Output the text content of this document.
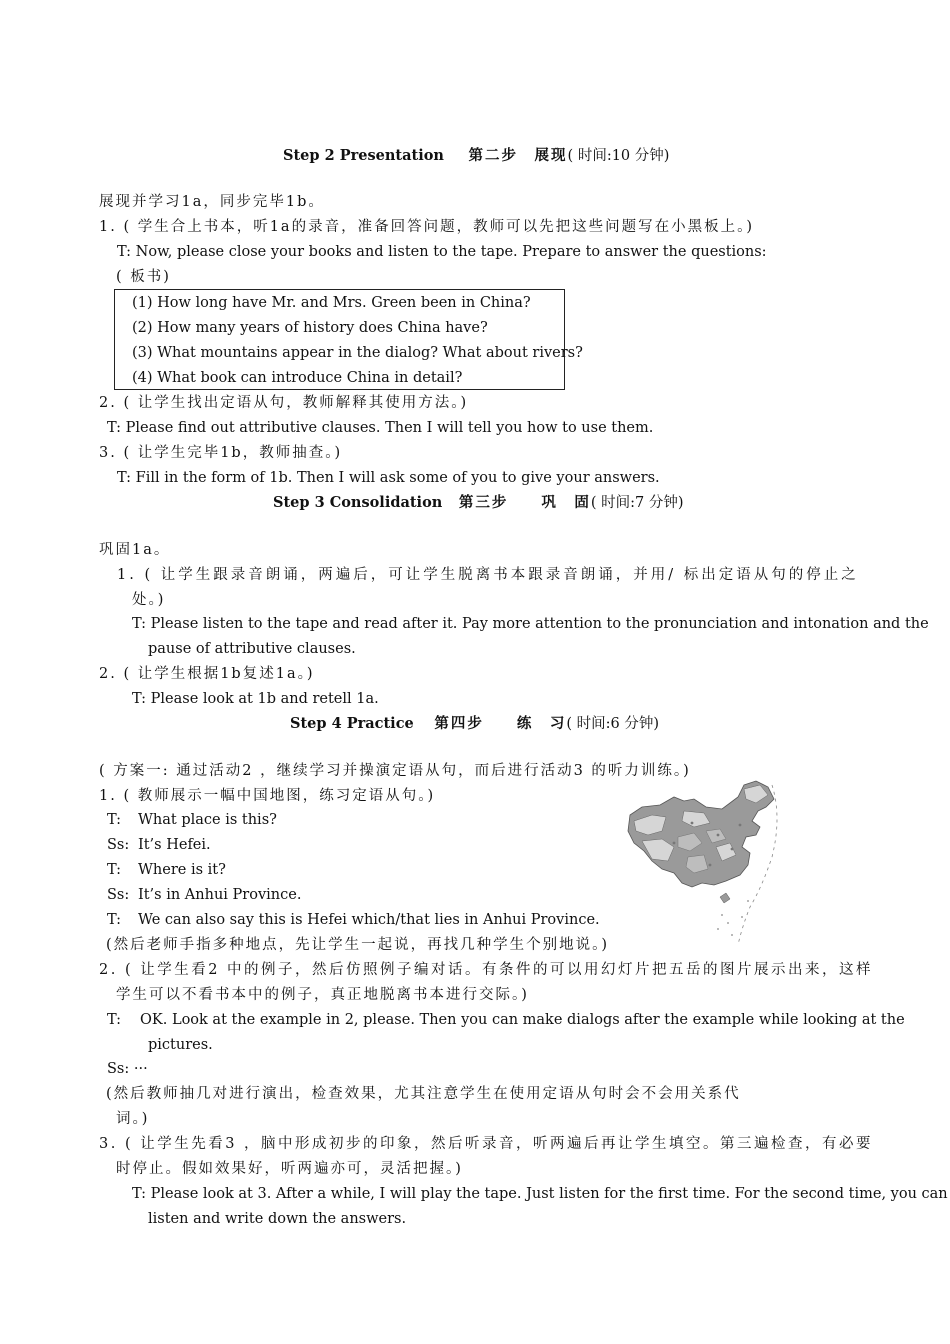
Step 2 Presentation 第二步　展现( 时间:10 分钟)
展现并学习1a，同步完毕1b。
1. ( 学生合上书本，听1a的录音，准备回答问题，教师可以先把这些问题写在小黑板上。)
T: Now, please close your books and listen to the tape. Prepare to answer the questions:
( 板书)
(1) How long have Mr. and Mrs. Green been in China?
(2) How many years of history does China have?
(3) What mountains appear in the dialog? What about rivers?
(4) What book can introduce China in detail?
2. ( 让学生找出定语从句，教师解释其使用方法。)
T: Please find out attributive clauses. Then I will tell you how to use them.
3. ( 让学生完毕1b，教师抽查。)
T: Fill in the form of 1b. Then I will ask some of you to give your answers.
Step 3 Consolidation 第三步　　巩　固( 时间:7 分钟)
巩固1a。
1. ( 让学生跟录音朗诵，两遍后，可让学生脱离书本跟录音朗诵，并用/ 标出定语从句的停止之
处。)
T: Please listen to the tape and read after it. Pay more attention to the pronunciation and intonation and the
pause of attributive clauses.
2. ( 让学生根据1b复述1a。)
T: Please look at 1b and retell 1a.
Step 4 Practice 第四步　　练　习( 时间:6 分钟)
( 方案一: 通过活动2 ，继续学习并操演定语从句，而后进行活动3 的听力训练。)
1. ( 教师展示一幅中国地图，练习定语从句。)
T: What place is this?
Ss: It’s Hefei.
T: Where is it?
Ss: It’s in Anhui Province.
T: We can also say this is Hefei which/that lies in Anhui Province.
(然后老师手指多种地点，先让学生一起说，再找几种学生个别地说。)
2. ( 让学生看2 中的例子，然后仿照例子编对话。有条件的可以用幻灯片把五岳的图片展示出来，这样
学生可以不看书本中的例子，真正地脱离书本进行交际。)
T: OK. Look at the example in 2, please. Then you can make dialogs after the example while looking at the
pictures.
Ss: ···
(然后教师抽几对进行演出，检查效果，尤其注意学生在使用定语从句时会不会用关系代
词。)
3. ( 让学生先看3 ，脑中形成初步的印象，然后听录音，听两遍后再让学生填空。第三遍检查，有必要
时停止。假如效果好，听两遍亦可，灵活把握。)
T: Please look at 3. After a while, I will play the tape. Just listen for the first time. For the second time, you can
listen and write down the answers.
